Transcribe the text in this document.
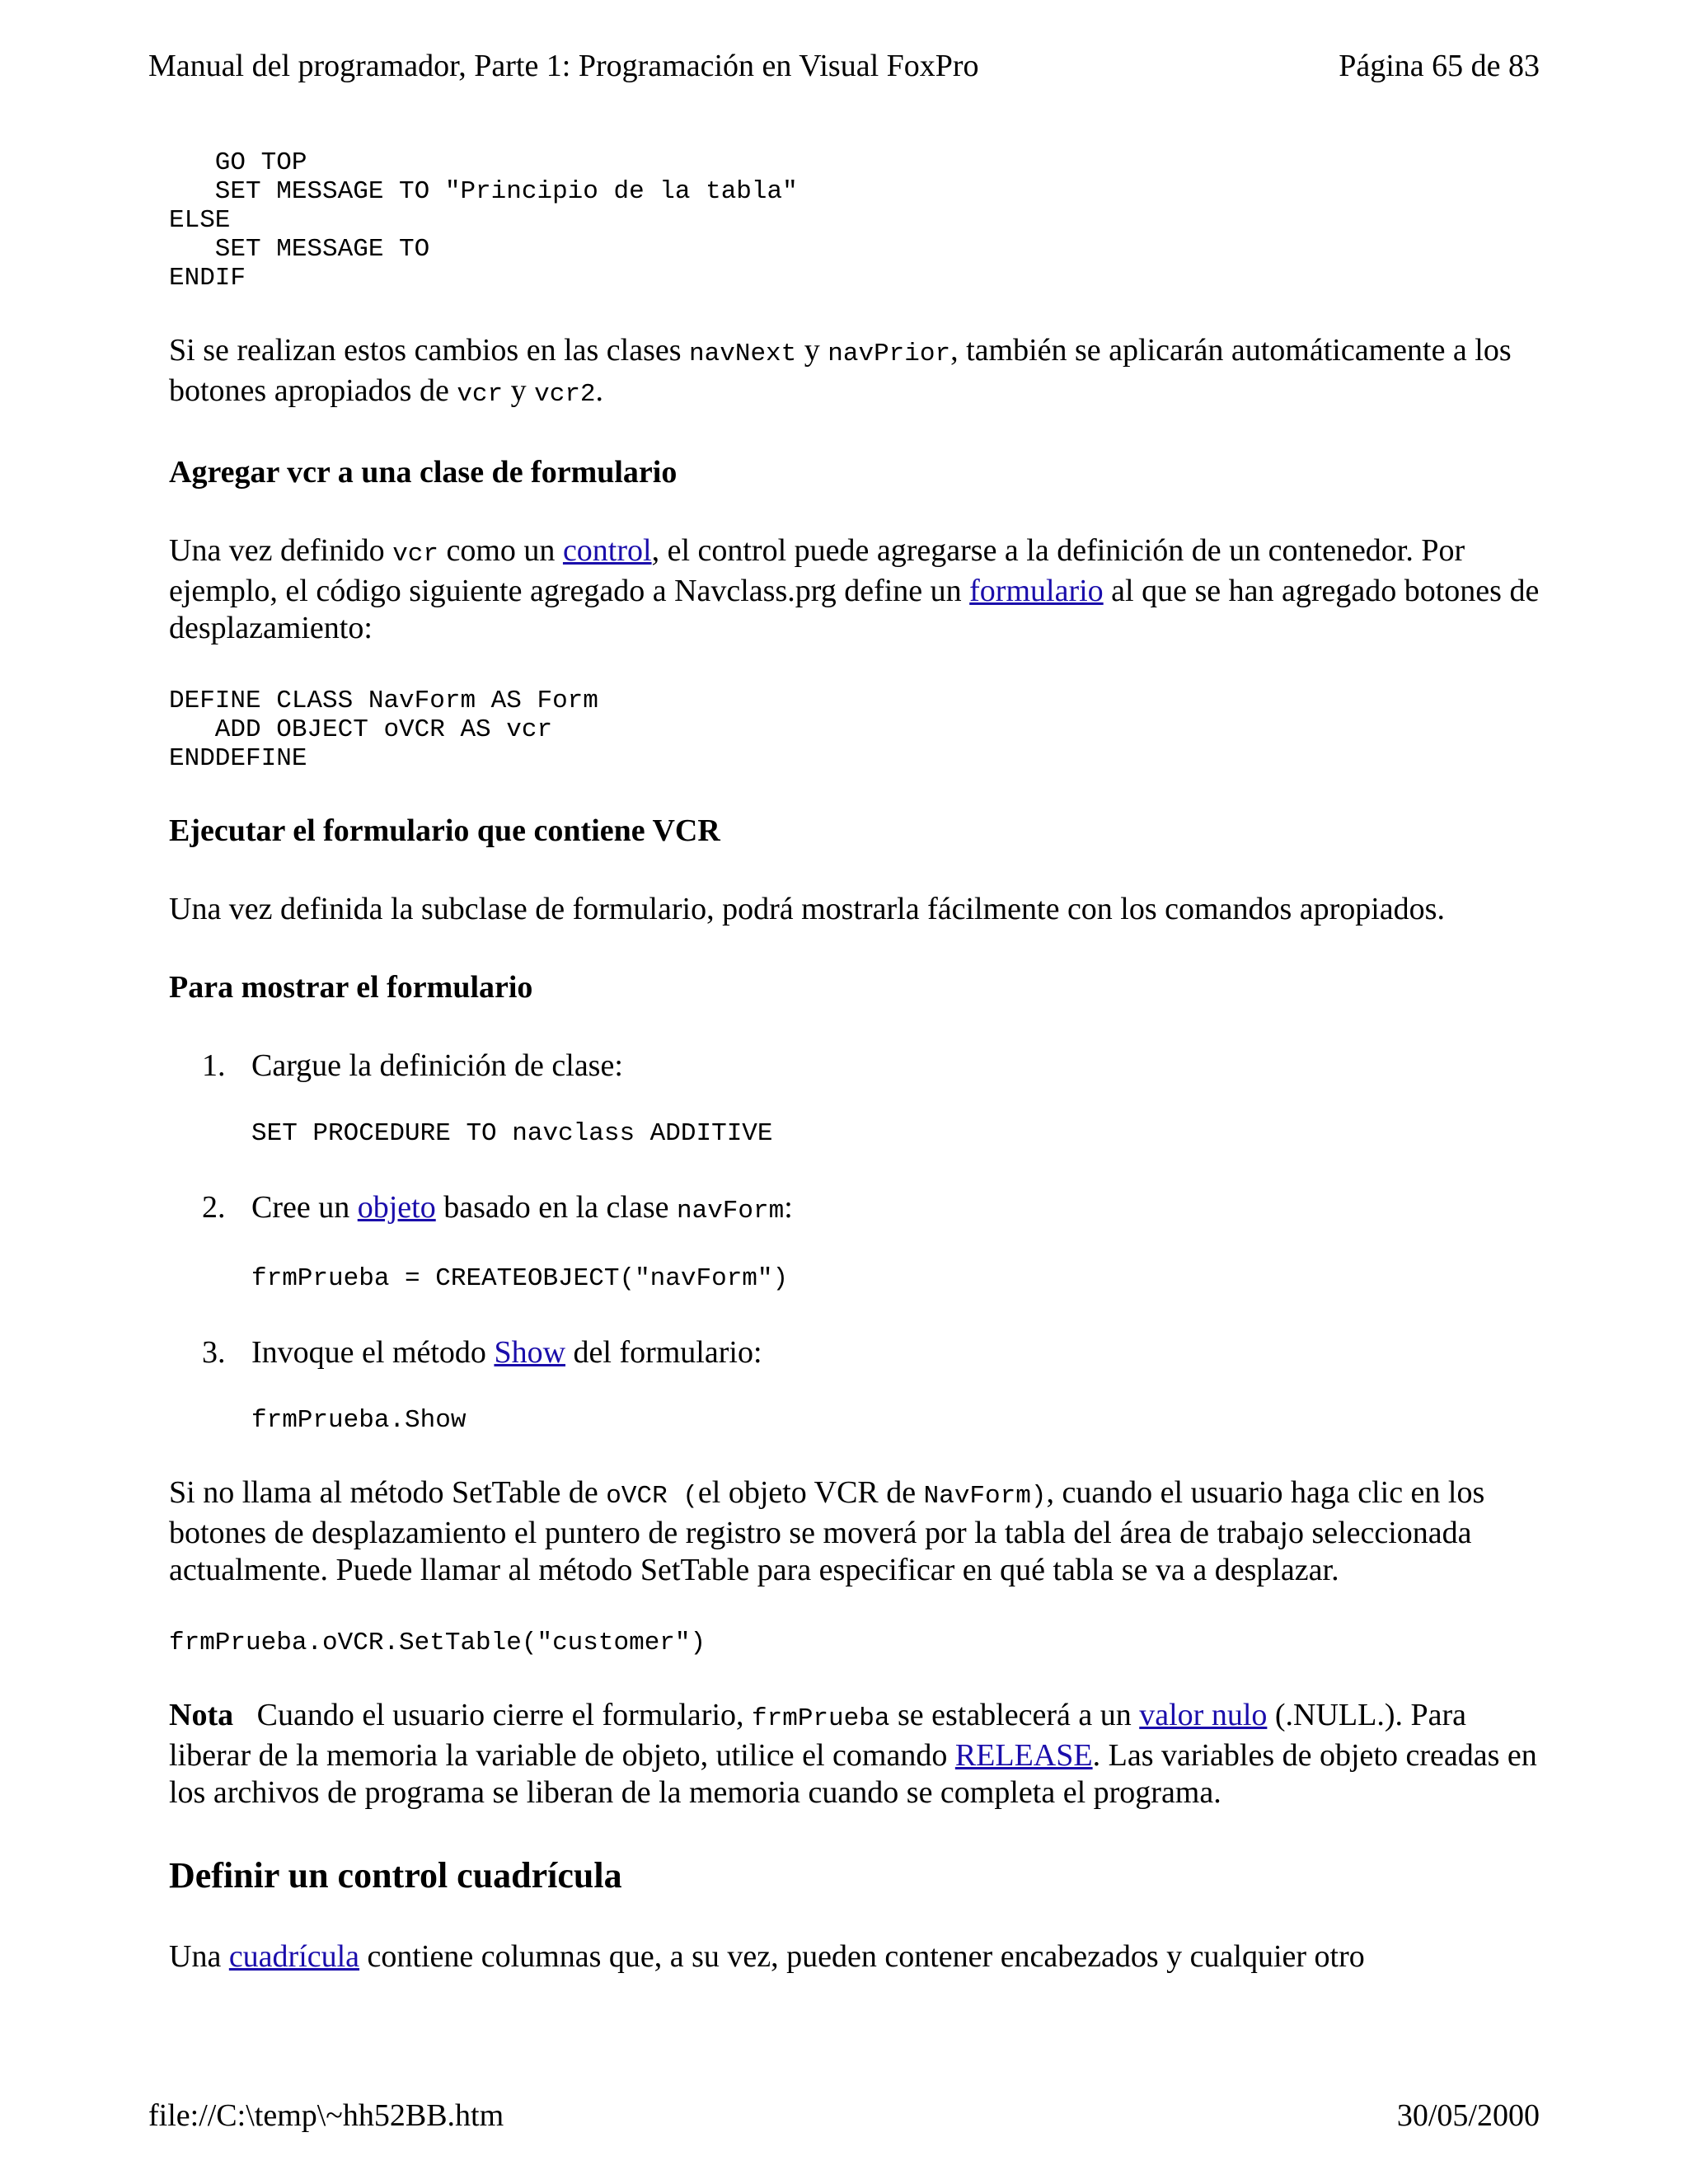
Manual del programador, Parte 1: Programación en Visual FoxPro	Página 65 de 83
GO TOP
SET MESSAGE TO "Principio de la tabla"
ELSE
SET MESSAGE TO
ENDIF

Si se realizan estos cambios en las clases navNext y navPrior, también se aplicarán automáticamente a los botones apropiados de vcr y vcr2.

Agregar vcr a una clase de formulario

Una vez definido vcr como un control, el control puede agregarse a la definición de un contenedor. Por ejemplo, el código siguiente agregado a Navclass.prg define un formulario al que se han agregado botones de desplazamiento:

DEFINE CLASS NavForm AS Form
ADD OBJECT oVCR AS vcr
ENDDEFINE
Ejecutar el formulario que contiene VCR

Una vez definida la subclase de formulario, podrá mostrarla fácilmente con los comandos apropiados.

Para mostrar el formulario
1. Cargue la definición de clase:
SET PROCEDURE TO navclass ADDITIVE
2. Cree un objeto basado en la clase navForm:
frmPrueba = CREATEOBJECT("navForm")
3. Invoque el método Show del formulario:
frmPrueba.Show

Si no llama al método SetTable de oVCR (el objeto VCR de NavForm), cuando el usuario haga clic en los botones de desplazamiento el puntero de registro se moverá por la tabla del área de trabajo seleccionada actualmente. Puede llamar al método SetTable para especificar en qué tabla se va a desplazar.

frmPrueba.oVCR.SetTable("customer")

Nota   Cuando el usuario cierre el formulario, frmPrueba se establecerá a un valor nulo (.NULL.). Para liberar de la memoria la variable de objeto, utilice el comando RELEASE. Las variables de objeto creadas en los archivos de programa se liberan de la memoria cuando se completa el programa.

Definir un control cuadrícula

Una cuadrícula contiene columnas que, a su vez, pueden contener encabezados y cualquier otro

file://C:\temp\~hh52BB.htm	30/05/2000
